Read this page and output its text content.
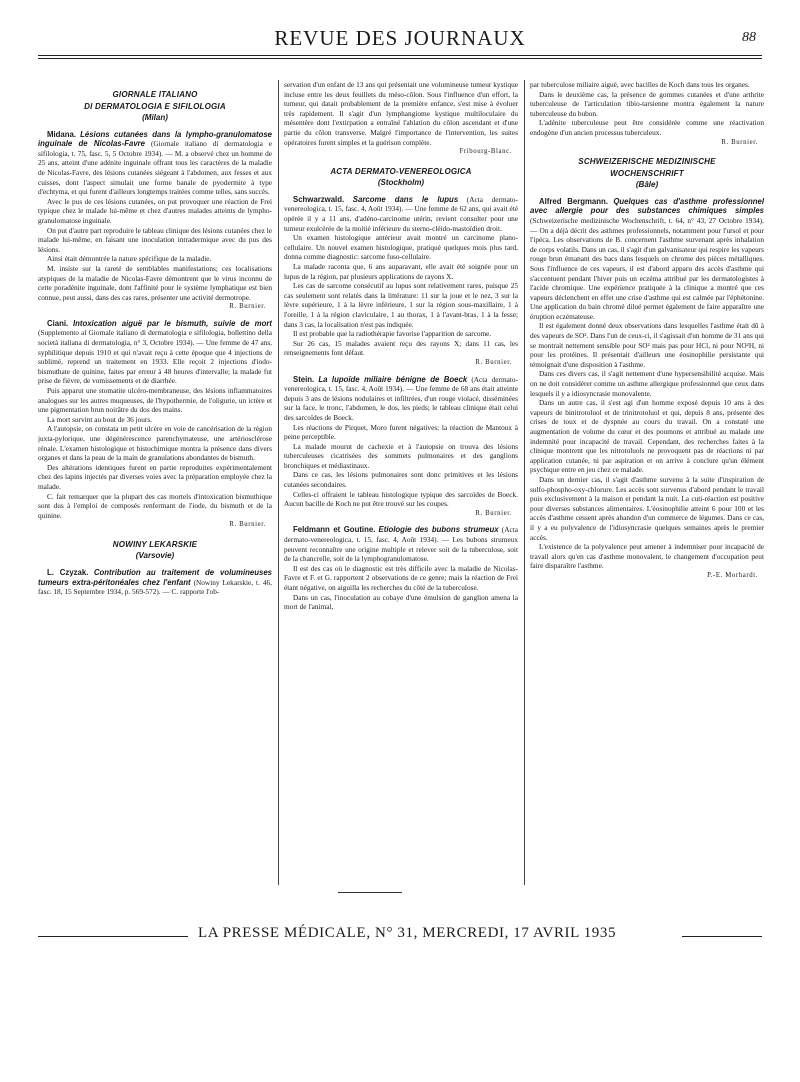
REVUE DES JOURNAUX	88
GIORNALE ITALIANO
DI DERMATOLOGIA E SIFILOLOGIA
(Milan)

Midana. Lésions cutanées dans la lympho-granulomatose inguinale de Nicolas-Favre (Giornale italiano di dermatologia e sifilologia, t. 75, fasc. 5, 5 Octobre 1934). — M. a observé chez un homme de 25 ans, atteint d'une adénite inguinale offrant tous les caractères de la maladie de Nicolas-Favre, des lésions cutanées siégeant à l'abdomen, aux fesses et aux cuisses, dont l'aspect simulait une forme banale de pyodermite à type d'echtyma, et qui furent d'ailleurs longtemps traitées comme telles, sans succès.

Avec le pus de ces lésions cutanées, on put provoquer une réaction de Frei typique chez le malade lui-même et chez d'autres malades atteints de lympho-granulomatose inguinale.

On put d'autre part reproduire le tableau clinique des lésions cutanées chez le malade lui-même, en faisant une inoculation intradermique avec du pus des lésions.

Ainsi était démontrée la nature spécifique de la maladie.

M. insiste sur la rareté de semblables manifestations; ces localisations atypiques de la maladie de Nicolas-Favre démontrent que le virus inconnu de cette poradénite inguinale, dont l'affinité pour le système lymphatique est bien connue, peut aussi, dans des cas rares, présenter une activité dermotrope.

R. Burnier.

Ciani. Intoxication aiguë par le bismuth, suivie de mort (Supplemento al Giornale italiano di dermatologia e sifilologia, bollettino della società italiana di dermatologia, n° 3, Octobre 1934). — Une femme de 47 ans, syphilitique depuis 1910 et qui n'avait reçu à cette époque que 4 injections de sublimé, reprend un traitement en 1933. Elle reçoit 2 injections d'iodo-bismuthate de quinine, faites par erreur à 48 heures d'intervalle; la malade fut prise de fièvre, de vomissements et de diarrhée.

Puis apparut une stomatite ulcéro-membraneuse, des lésions inflammatoires analogues sur les autres muqueuses, de l'hypothermie, de l'oligurie, un ictère et une pigmentation brun noirâtre du dos des mains.

La mort survint au bout de 36 jours.

A l'autopsie, on constata un petit ulcère en voie de cancérisation de la région juxta-pylorique, une dégénérescence parenchymateuse, une artériosclérose rénale. L'examen histologique et histochimique montra la présence dans divers organes et dans la peau de la main de granulations abondantes de bismuth.

Des altérations identiques furent en partie reproduites expérimentalement chez des lapins injectés par diverses voies avec la préparation employée chez la malade.

C. fait remarquer que la plupart des cas mortels d'intoxication bismuthique sont dus à l'emploi de composés renfermant de l'iode, du bismuth et de la quinine.

R. Burnier.

NOWINY LEKARSKIE
(Varsovie)

L. Czyzak. Contribution au traitement de volumineuses tumeurs extra-péritonéales chez l'enfant (Nowiny Lekarskie, t. 46, fasc. 18, 15 Septembre 1934, p. 569-572). — C. rapporte l'ob-

servation d'un enfant de 13 ans qui présentait une volumineuse tumeur kystique incluse entre les deux feuillets du méso-côlon. Sous l'influence d'un effort, la tumeur, qui datait probablement de la première enfance, s'est mise à évoluer très rapidement. Il s'agit d'un lymphangiome kystique multiloculaire du mésentère dont l'extirpation a entraîné l'ablation du côlon ascendant et d'une partie du côlon transverse. Malgré l'importance de l'intervention, les suites opératoires furent simples et la guérison complète.

Fribourg-Blanc.

ACTA DERMATO-VENEREOLOGICA
(Stockholm)

Schwarzwald. Sarcome dans le lupus (Acta dermato-venereologica, t. 15, fasc. 4, Août 1934). — Une femme de 62 ans, qui avait été opérée il y a 11 ans, d'adéno-carcinome utérin, revient consulter pour une tumeur exulcérée de la moitié inférieure du sterno-cléido-mastoïdien droit.

Un examen histologique antérieur avait montré un carcinome plano-cellulaire. Un nouvel examen histologique, pratiqué quelques mois plus tard, donna comme diagnostic: sarcome fuso-cellulaire.

La malade raconta que, 6 ans auparavant, elle avait été soignée pour un lupus de la région, par plusieurs applications de rayons X.

Les cas de sarcome consécutif au lupus sont relativement rares, puisque 25 cas seulement sont relatés dans la littérature: 11 sur la joue et le nez, 3 sur la lèvre supérieure, 1 à la lèvre inférieure, 1 sur la région sous-maxillaire, 1 à l'oreille, 1 à la région claviculaire, 1 au thorax, 1 à l'avant-bras, 1 à la fesse; dans 3 cas, la localisation n'est pas indiquée.

Il est probable que la radiothérapie favorise l'apparition de sarcome.

Sur 26 cas, 15 malades avaient reçu des rayons X; dans 11 cas, les renseignements font défaut.

R. Burnier.

Stein. La lupoïde miliaire bénigne de Boeck (Acta dermato-venereologica, t. 15, fasc. 4, Août 1934). — Une femme de 68 ans était atteinte depuis 3 ans de lésions nodulaires et infiltrées, d'un rouge violacé, disséminées sur la face, le tronc, l'abdomen, le dos, les pieds; le tableau clinique était celui des sarcoïdes de Boeck.

Les réactions de Pirquet, Moro furent négatives; la réaction de Mantoux à peine perceptible.

La malade mourut de cachexie et à l'autopsie on trouva des lésions tuberculeuses cicatrisées des sommets pulmonaires et des ganglions bronchiques et médiastinaux.

Dans ce cas, les lésions pulmonaires sont donc primitives et les lésions cutanées secondaires.

Celles-ci offraient le tableau histologique typique des sarcoïdes de Boeck. Aucun bacille de Koch ne put être trouvé sur les coupes.

R. Burnier.

Feldmann et Goutine. Etiologie des bubons strumeux (Acta dermato-venereologica, t. 15, fasc. 4, Août 1934). — Les bubons strumeux peuvent reconnaître une origine multiple et relever soit de la tuberculose, soit de la chancrelle, soit de la lymphogranulomatose.

Il est des cas où le diagnostic est très difficile avec la maladie de Nicolas-Favre et F. et G. rapportent 2 observations de ce genre; mais la réaction de Frei étant négative, on aiguilla les recherches du côté de la tuberculose.

Dans un cas, l'inoculation au cobaye d'une émulsion de ganglion amena la mort de l'animal,

par tuberculose miliaire aiguë, avec bacilles de Koch dans tous les organes.

Dans le deuxième cas, la présence de gommes cutanées et d'une arthrite tuberculeuse de l'articulation tibio-tarsienne montra également la nature tuberculeuse du bubon.

L'adénite tuberculeuse peut être considérée comme une réactivation endogène d'un ancien processus tuberculeux.

R. Burnier.

SCHWEIZERISCHE MEDIZINISCHE
WOCHENSCHRIFT
(Bâle)

Alfred Bergmann. Quelques cas d'asthme professionnel avec allergie pour des substances chimiques simples (Schweizerische medizinische Wochenschrift, t. 64, n° 43, 27 Octobre 1934). — On a déjà décrit des asthmes professionnels, notamment pour l'ursol et pour l'ipéca. Les observations de B. concernent l'asthme survenant après inhalation de corps volatils. Dans un cas, il s'agit d'un galvanisateur qui respire les vapeurs rouge brun émanant des bacs dans lesquels on chrome des pièces métalliques. Sous l'influence de ces vapeurs, il est d'abord apparu des accès d'asthme qui s'accentuent pendant l'hiver puis un eczéma attribué par les dermatologistes à l'acide chromique. Une expérience pratiquée à la clinique a montré que ces vapeurs déclenchent en effet une crise d'asthme qui est calmée par l'éphétonine. Une application du bain chromé dilué permet également de faire apparaître une éruption eczémateuse.

Il est également donné deux observations dans lesquelles l'asthme était dû à des vapeurs de SO². Dans l'un de ceux-ci, il s'agissait d'un homme de 31 ans qui se montrait nettement sensible pour SO² mais pas pour HCl, ni pour NO²H, ni pour les protéines. Il présentait d'ailleurs une éosinophilie persistante qui témoignait d'une disposition à l'asthme.

Dans ces divers cas, il s'agit nettement d'une hypersensibilité acquise. Mais on ne doit considérer comme un asthme allergique professionnel que ceux dans lesquels il y a idiosyncrasie monovalente.

Dans un autre cas, il s'est agi d'un homme exposé depuis 10 ans à des vapeurs de binitrotoluol et de trinitrotoluol et qui, depuis 8 ans, présente des crises de toux et de dyspnée au cours du travail. On a constaté une augmentation de volume du cœur et des poumons et attribué au malade une indemnité pour incapacité de travail. Cependant, des recherches faites à la clinique montrent que les nitrotoluols ne provoquent pas de réactions ni par application cutanée, ni par aspiration et on arrive à conclure qu'un élément psychique entre en jeu chez ce malade.

Dans un dernier cas, il s'agit d'asthme survenu à la suite d'inspiration de sulfo-phospho-oxy-chlorure. Les accès sont survenus d'abord pendant le travail puis exclusivement à la maison et pendant la nuit. La cuti-réaction est positive pour diverses substances alimentaires. L'éosinophilie atteint 6 pour 100 et les accès d'asthme cessent après abandon d'un commerce de légumes. Dans ce cas, il y a eu polyvalence de l'idiosyncrasie quelques semaines après le premier accès.

L'existence de la polyvalence peut amener à indemniser pour incapacité de travail alors qu'en cas d'asthme monovalent, le changement d'occupation peut faire disparaître l'asthme.

P.-E. Morhardt.

LA PRESSE MÉDICALE, N° 31, MERCREDI, 17 AVRIL 1935
